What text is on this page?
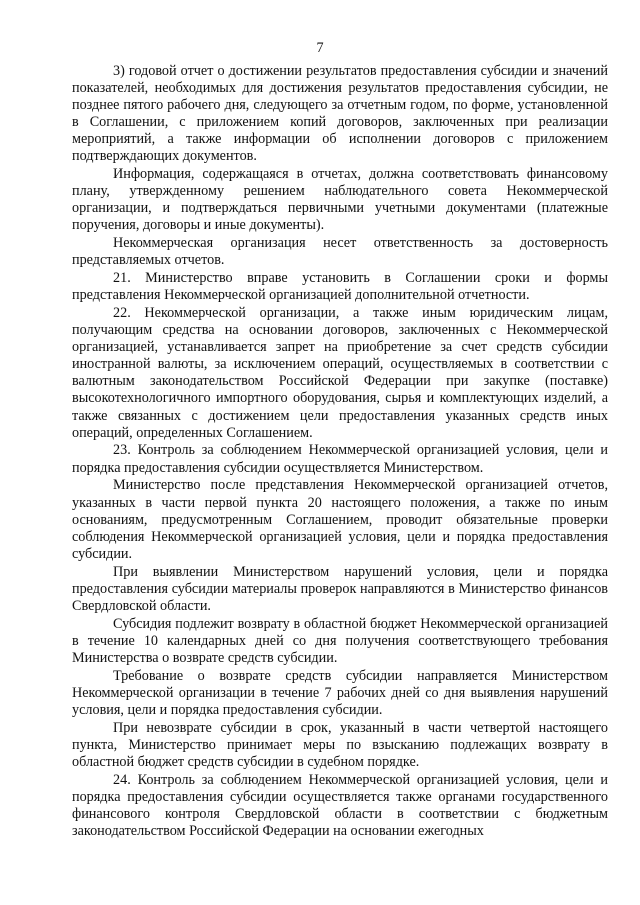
7

3) годовой отчет о достижении результатов предоставления субсидии и значений показателей, необходимых для достижения результатов предоставления субсидии, не позднее пятого рабочего дня, следующего за отчетным годом, по форме, установленной в Соглашении, с приложением копий договоров, заключенных при реализации мероприятий, а также информации об исполнении договоров с приложением подтверждающих документов.

Информация, содержащаяся в отчетах, должна соответствовать финансовому плану, утвержденному решением наблюдательного совета Некоммерческой организации, и подтверждаться первичными учетными документами (платежные поручения, договоры и иные документы).

Некоммерческая организация несет ответственность за достоверность представляемых отчетов.

21. Министерство вправе установить в Соглашении сроки и формы представления Некоммерческой организацией дополнительной отчетности.

22. Некоммерческой организации, а также иным юридическим лицам, получающим средства на основании договоров, заключенных с Некоммерческой организацией, устанавливается запрет на приобретение за счет средств субсидии иностранной валюты, за исключением операций, осуществляемых в соответствии с валютным законодательством Российской Федерации при закупке (поставке) высокотехнологичного импортного оборудования, сырья и комплектующих изделий, а также связанных с достижением цели предоставления указанных средств иных операций, определенных Соглашением.

23. Контроль за соблюдением Некоммерческой организацией условия, цели и порядка предоставления субсидии осуществляется Министерством.

Министерство после представления Некоммерческой организацией отчетов, указанных в части первой пункта 20 настоящего положения, а также по иным основаниям, предусмотренным Соглашением, проводит обязательные проверки соблюдения Некоммерческой организацией условия, цели и порядка предоставления субсидии.

При выявлении Министерством нарушений условия, цели и порядка предоставления субсидии материалы проверок направляются в Министерство финансов Свердловской области.

Субсидия подлежит возврату в областной бюджет Некоммерческой организацией в течение 10 календарных дней со дня получения соответствующего требования Министерства о возврате средств субсидии.

Требование о возврате средств субсидии направляется Министерством Некоммерческой организации в течение 7 рабочих дней со дня выявления нарушений условия, цели и порядка предоставления субсидии.

При невозврате субсидии в срок, указанный в части четвертой настоящего пункта, Министерство принимает меры по взысканию подлежащих возврату в областной бюджет средств субсидии в судебном порядке.

24. Контроль за соблюдением Некоммерческой организацией условия, цели и порядка предоставления субсидии осуществляется также органами государственного финансового контроля Свердловской области в соответствии с бюджетным законодательством Российской Федерации на основании ежегодных
